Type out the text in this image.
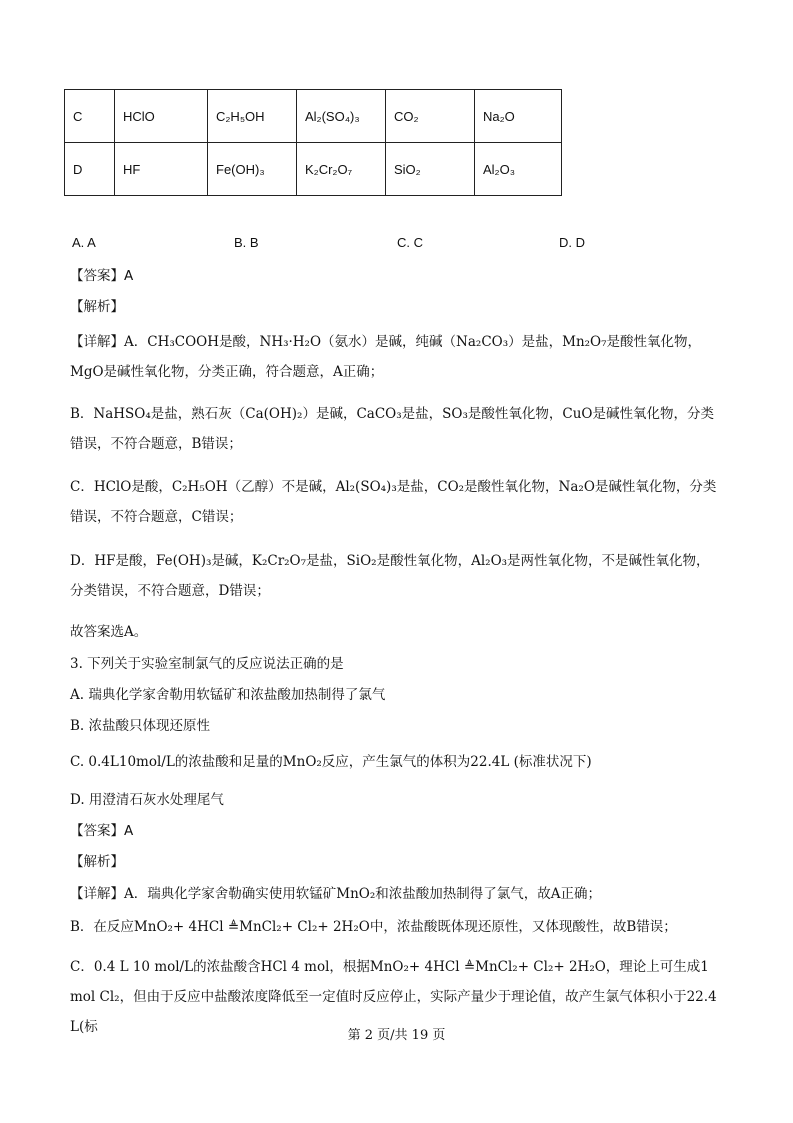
C	HClO	C₂H₅OH	Al₂(SO₄)₃	CO₂	Na₂O
D	HF	Fe(OH)₃	K₂Cr₂O₇	SiO₂	Al₂O₃
A. A	B. B	C. C	D. D
【答案】A
【解析】
【详解】A．CH₃COOH是酸，NH₃·H₂O（氨水）是碱，纯碱（Na₂CO₃）是盐，Mn₂O₇是酸性氧化物，MgO是碱性氧化物，分类正确，符合题意，A正确；
B．NaHSO₄是盐，熟石灰（Ca(OH)₂）是碱，CaCO₃是盐，SO₃是酸性氧化物，CuO是碱性氧化物，分类错误，不符合题意，B错误；
C．HClO是酸，C₂H₅OH（乙醇）不是碱，Al₂(SO₄)₃是盐，CO₂是酸性氧化物，Na₂O是碱性氧化物，分类错误，不符合题意，C错误；
D．HF是酸，Fe(OH)₃是碱，K₂Cr₂O₇是盐，SiO₂是酸性氧化物，Al₂O₃是两性氧化物，不是碱性氧化物，分类错误，不符合题意，D错误；
故答案选A。
3. 下列关于实验室制氯气的反应说法正确的是
A. 瑞典化学家舍勒用软锰矿和浓盐酸加热制得了氯气
B. 浓盐酸只体现还原性
C. 0.4L10mol/L的浓盐酸和足量的MnO₂反应，产生氯气的体积为22.4L (标准状况下)
D. 用澄清石灰水处理尾气
【答案】A
【解析】
【详解】A．瑞典化学家舍勒确实使用软锰矿MnO₂和浓盐酸加热制得了氯气，故A正确；
B．在反应MnO₂+ 4HCl ≜MnCl₂+ Cl₂+ 2H₂O中，浓盐酸既体现还原性，又体现酸性，故B错误；
C．0.4 L 10 mol/L的浓盐酸含HCl 4 mol，根据MnO₂+ 4HCl ≜MnCl₂+ Cl₂+ 2H₂O，理论上可生成1 mol Cl₂，但由于反应中盐酸浓度降低至一定值时反应停止，实际产量少于理论值，故产生氯气体积小于22.4 L(标
第 2 页/共 19 页
